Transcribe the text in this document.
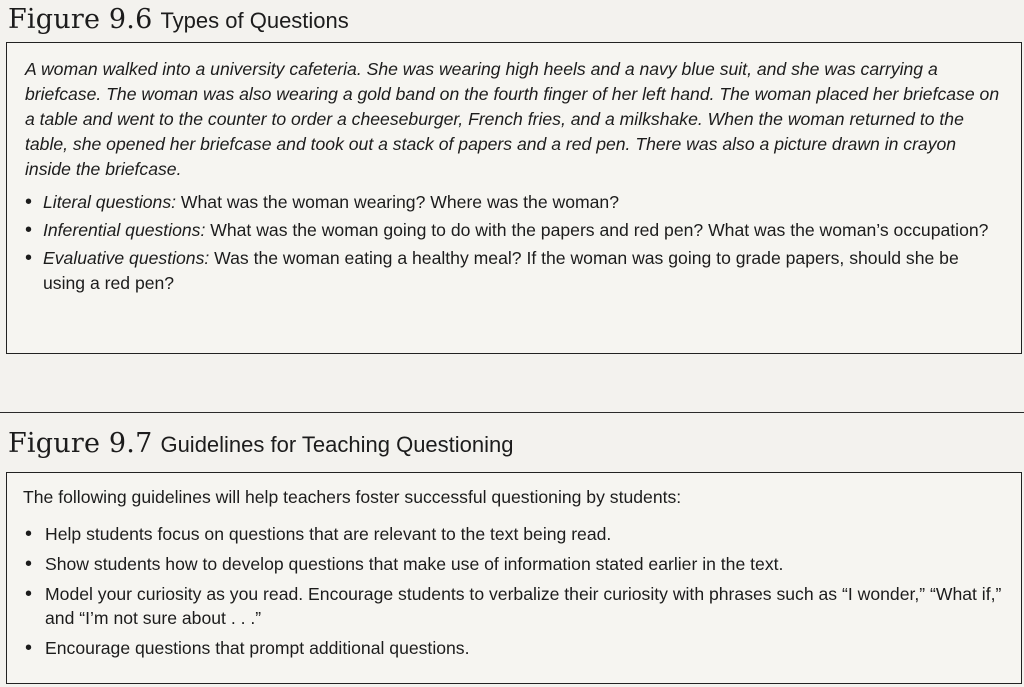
Figure 9.6 Types of Questions

A woman walked into a university cafeteria. She was wearing high heels and a navy blue suit, and she was carrying a briefcase. The woman was also wearing a gold band on the fourth finger of her left hand. The woman placed her briefcase on a table and went to the counter to order a cheeseburger, French fries, and a milkshake. When the woman returned to the table, she opened her briefcase and took out a stack of papers and a red pen. There was also a picture drawn in crayon inside the briefcase.

• Literal questions: What was the woman wearing? Where was the woman?
• Inferential questions: What was the woman going to do with the papers and red pen? What was the woman’s occupation?
• Evaluative questions: Was the woman eating a healthy meal? If the woman was going to grade papers, should she be using a red pen?
Figure 9.7 Guidelines for Teaching Questioning

The following guidelines will help teachers foster successful questioning by students:

• Help students focus on questions that are relevant to the text being read.
• Show students how to develop questions that make use of information stated earlier in the text.
• Model your curiosity as you read. Encourage students to verbalize their curiosity with phrases such as “I wonder,” “What if,” and “I’m not sure about . . .”
• Encourage questions that prompt additional questions.
